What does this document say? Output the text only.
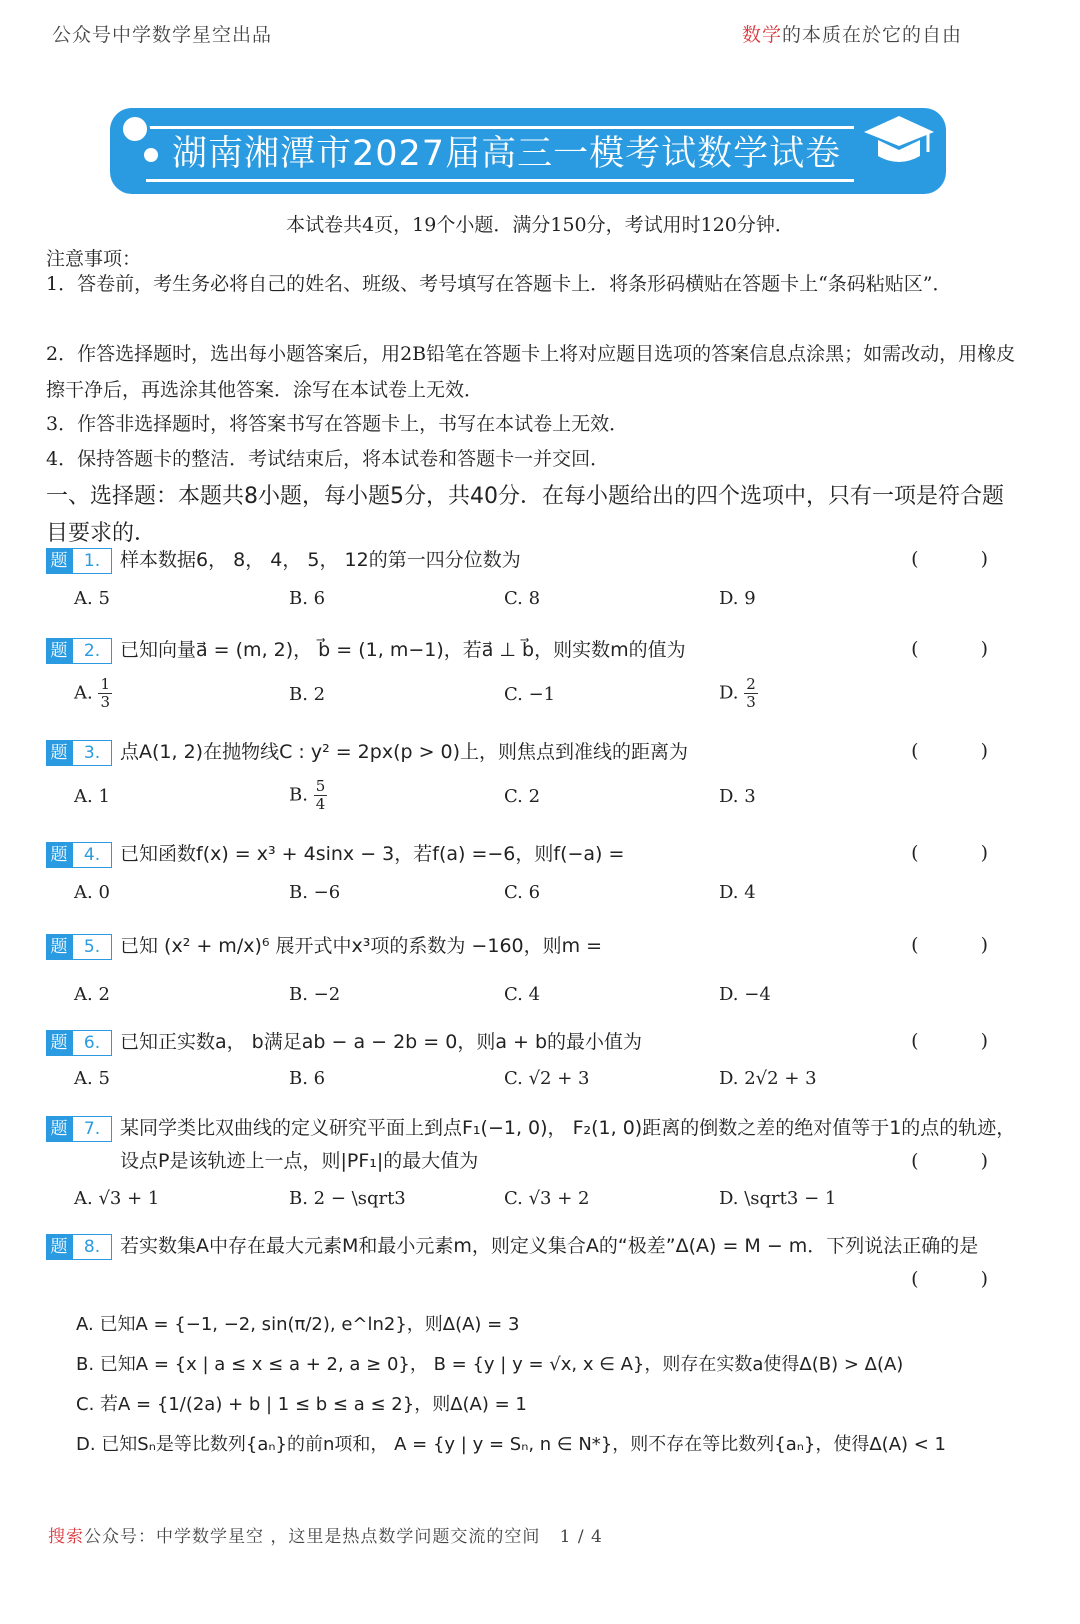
公众号中学数学星空出品	数学的本质在於它的自由
湖南湘潭市2027届高三一模考试数学试卷
本试卷共4页，19个小题．满分150分，考试用时120分钟．
注意事项：
1．答卷前，考生务必将自己的姓名、班级、考号填写在答题卡上．将条形码横贴在答题卡上“条码粘贴区”．
2．作答选择题时，选出每小题答案后，用2B铅笔在答题卡上将对应题目选项的答案信息点涂黑；如需改动，用橡皮擦干净后，再选涂其他答案．涂写在本试卷上无效．
3．作答非选择题时，将答案书写在答题卡上，书写在本试卷上无效．
4．保持答题卡的整洁．考试结束后，将本试卷和答题卡一并交回．
一、选择题：本题共8小题，每小题5分，共40分．在每小题给出的四个选项中，只有一项是符合题目要求的．
题 1.	样本数据6， 8， 4， 5， 12的第一四分位数为	( )
A. 5	B. 6	C. 8	D. 9
题 2.	已知向量a⃗ = (m, 2)， b⃗ = (1, m−1)，若a⃗ ⊥ b⃗，则实数m的值为	( )
A. $\frac{1}{3}$	B. 2	C. −1	D. $\frac{2}{3}$
题 3.	点A(1, 2)在抛物线C : y² = 2px(p > 0)上，则焦点到准线的距离为	( )
A. 1	B. $\frac{5}{4}$	C. 2	D. 3
题 4.	已知函数f(x) = x³ + 4sinx − 3，若f(a) =−6，则f(−a) =	( )
A. 0	B. −6	C. 6	D. 4
题 5.	已知 (x² + m/x)⁶ 展开式中x³项的系数为 −160，则m =	( )
A. 2	B. −2	C. 4	D. −4
题 6.	已知正实数a， b满足ab − a − 2b = 0，则a + b的最小值为	( )
A. 5	B. 6	C. √2 + 3	D. 2√2 + 3
题 7.	某同学类比双曲线的定义研究平面上到点F₁(−1, 0)， F₂(1, 0)距离的倒数之差的绝对值等于1的点的轨迹，设点P是该轨迹上一点，则|PF₁|的最大值为	( )
A. √3 + 1	B. 2 − \sqrt3	C. √3 + 2	D. \sqrt3 − 1
题 8.	若实数集A中存在最大元素M和最小元素m，则定义集合A的“极差”Δ(A) = M − m．下列说法正确的是
( )
A. 已知A = {−1, −2, sin(π/2), e^ln2}，则Δ(A) = 3
B. 已知A = {x | a ≤ x ≤ a + 2, a ≥ 0}， B = {y | y = √x, x ∈ A}，则存在实数a使得Δ(B) > Δ(A)
C. 若A = {1/(2a) + b | 1 ≤ b ≤ a ≤ 2}，则Δ(A) = 1
D. 已知Sₙ是等比数列{aₙ}的前n项和， A = {y | y = Sₙ, n ∈ N*}，则不存在等比数列{aₙ}，使得Δ(A) < 1
搜索公众号：中学数学星空 ，这里是热点数学问题交流的空间 1 / 4
